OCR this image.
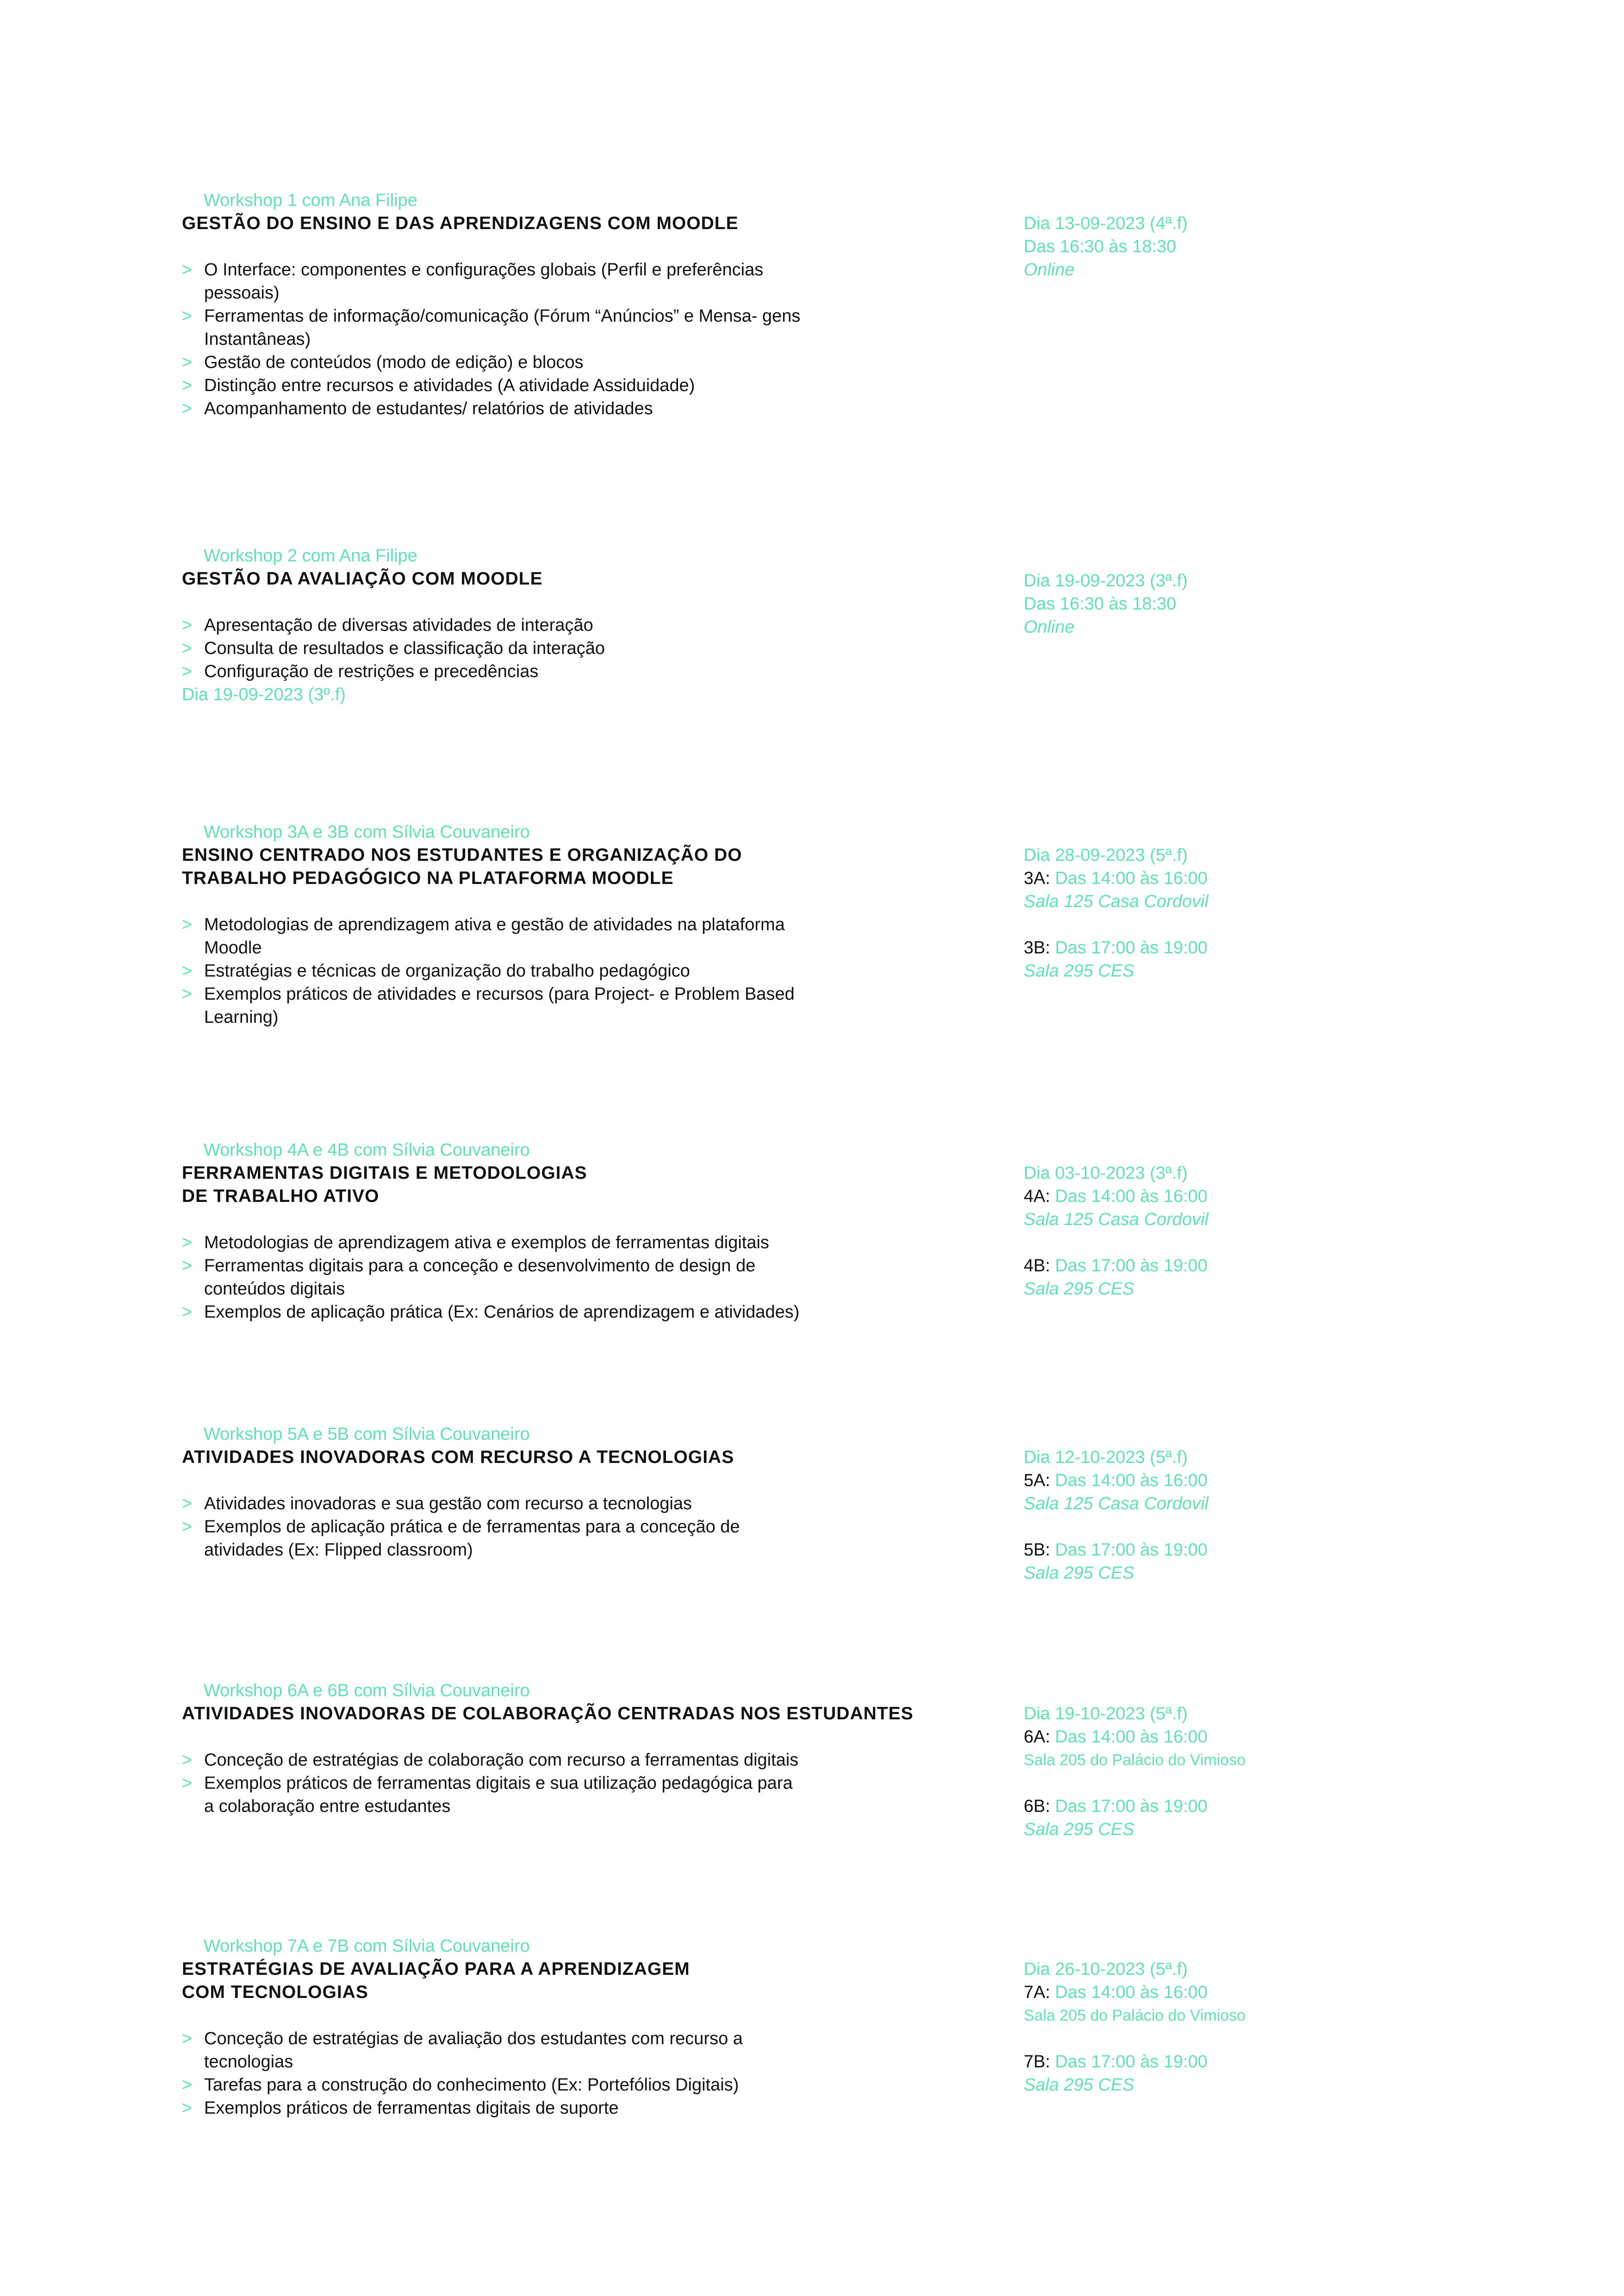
Workshop 1 com Ana Filipe
GESTÃO DO ENSINO E DAS APRENDIZAGENS COM MOODLE
> O Interface: componentes e configurações globais (Perfil e preferências pessoais)
> Ferramentas de informação/comunicação (Fórum “Anúncios” e Mensa- gens Instantâneas)
> Gestão de conteúdos (modo de edição) e blocos
> Distinção entre recursos e atividades (A atividade Assiduidade)
> Acompanhamento de estudantes/ relatórios de atividades
Dia 13-09-2023 (4ª.f)
Das 16:30 às 18:30
Online
Workshop 2 com Ana Filipe
GESTÃO DA AVALIAÇÃO COM MOODLE
> Apresentação de diversas atividades de interação
> Consulta de resultados e classificação da interação
> Configuração de restrições e precedências
Dia 19-09-2023 (3º.f)
Dia 19-09-2023 (3ª.f)
Das 16:30 às 18:30
Online
Workshop 3A e 3B com Sílvia Couvaneiro
ENSINO CENTRADO NOS ESTUDANTES E ORGANIZAÇÃO DO
TRABALHO PEDAGÓGICO NA PLATAFORMA MOODLE
> Metodologias de aprendizagem ativa e gestão de atividades na plataforma Moodle
> Estratégias e técnicas de organização do trabalho pedagógico
> Exemplos práticos de atividades e recursos (para Project- e Problem Based Learning)
Dia 28-09-2023 (5ª.f)
3A: Das 14:00 às 16:00
Sala 125 Casa Cordovil
3B: Das 17:00 às 19:00
Sala 295 CES
Workshop 4A e 4B com Sílvia Couvaneiro
FERRAMENTAS DIGITAIS E METODOLOGIAS
DE TRABALHO ATIVO
> Metodologias de aprendizagem ativa e exemplos de ferramentas digitais
> Ferramentas digitais para a conceção e desenvolvimento de design de conteúdos digitais
> Exemplos de aplicação prática (Ex: Cenários de aprendizagem e atividades)
Dia 03-10-2023 (3ª.f)
4A: Das 14:00 às 16:00
Sala 125 Casa Cordovil
4B: Das 17:00 às 19:00
Sala 295 CES
Workshop 5A e 5B com Sílvia Couvaneiro
ATIVIDADES INOVADORAS COM RECURSO A TECNOLOGIAS
> Atividades inovadoras e sua gestão com recurso a tecnologias
> Exemplos de aplicação prática e de ferramentas para a conceção de atividades (Ex: Flipped classroom)
Dia 12-10-2023 (5ª.f)
5A: Das 14:00 às 16:00
Sala 125 Casa Cordovil
5B: Das 17:00 às 19:00
Sala 295 CES
Workshop 6A e 6B com Sílvia Couvaneiro
ATIVIDADES INOVADORAS DE COLABORAÇÃO CENTRADAS NOS ESTUDANTES
> Conceção de estratégias de colaboração com recurso a ferramentas digitais
> Exemplos práticos de ferramentas digitais e sua utilização pedagógica para a colaboração entre estudantes
Dia 19-10-2023 (5ª.f)
6A: Das 14:00 às 16:00
Sala 205 do Palácio do Vimioso
6B: Das 17:00 às 19:00
Sala 295 CES
Workshop 7A e 7B com Sílvia Couvaneiro
ESTRATÉGIAS DE AVALIAÇÃO PARA A APRENDIZAGEM
COM TECNOLOGIAS
> Conceção de estratégias de avaliação dos estudantes com recurso a tecnologias
> Tarefas para a construção do conhecimento (Ex: Portefólios Digitais)
> Exemplos práticos de ferramentas digitais de suporte
Dia 26-10-2023 (5ª.f)
7A: Das 14:00 às 16:00
Sala 205 do Palácio do Vimioso
7B: Das 17:00 às 19:00
Sala 295 CES
